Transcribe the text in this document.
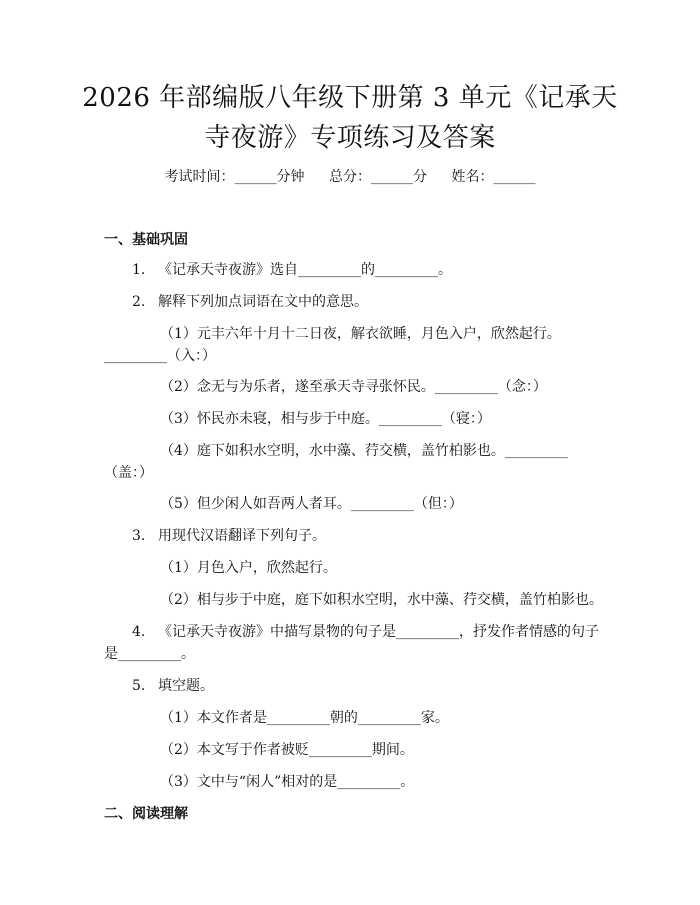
2026 年部编版八年级下册第 3 单元《记承天
寺夜游》专项练习及答案
考试时间：______分钟 总分：______分 姓名：______
一、基础巩固
1. 《记承天寺夜游》选自_________的_________。
2. 解释下列加点词语在文中的意思。
（1）元丰六年十月十二日夜，解衣欲睡，月色入户，欣然起行。
_________（入：）
（2）念无与为乐者，遂至承天寺寻张怀民。_________（念：）
（3）怀民亦未寝，相与步于中庭。_________（寝：）
（4）庭下如积水空明，水中藻、荇交横，盖竹柏影也。_________
（盖：）
（5）但少闲人如吾两人者耳。_________（但：）
3. 用现代汉语翻译下列句子。
（1）月色入户，欣然起行。
（2）相与步于中庭，庭下如积水空明，水中藻、荇交横，盖竹柏影也。
4. 《记承天寺夜游》中描写景物的句子是_________，抒发作者情感的句子
是_________。
5. 填空题。
（1）本文作者是_________朝的_________家。
（2）本文写于作者被贬_________期间。
（3）文中与“闲人”相对的是_________。
二、阅读理解
